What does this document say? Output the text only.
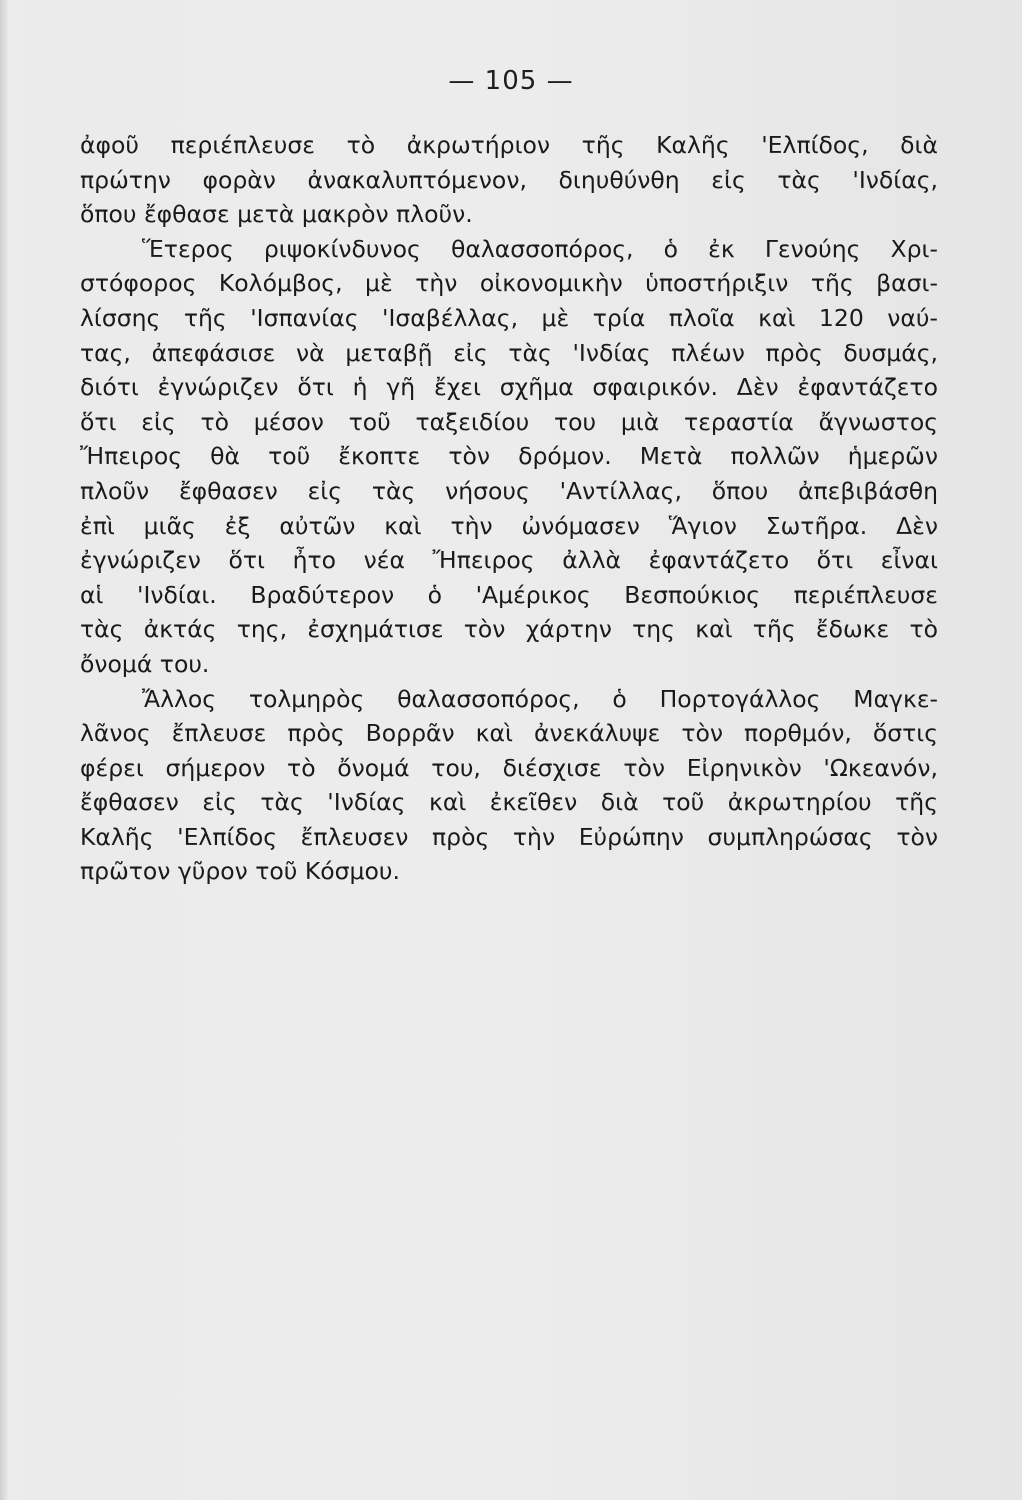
— 105 —
ἀφοῦ περιέπλευσε τὸ ἀκρωτήριον τῆς Καλῆς 'Ελπίδος, διὰ
πρώτην φορὰν ἀνακαλυπτόμενον, διηυθύνθη εἰς τὰς 'Ινδίας,
ὅπου ἔφθασε μετὰ μακρὸν πλοῦν.
Ἕτερος ριψοκίνδυνος θαλασσοπόρος, ὁ ἐκ Γενούης Χρι-
στόφορος Κολόμβος, μὲ τὴν οἰκονομικὴν ὑποστήριξιν τῆς βασι-
λίσσης τῆς 'Ισπανίας 'Ισαβέλλας, μὲ τρία πλοῖα καὶ 120 ναύ-
τας, ἀπεφάσισε νὰ μεταβῇ εἰς τὰς 'Ινδίας πλέων πρὸς δυσμάς,
διότι ἐγνώριζεν ὅτι ἡ γῆ ἔχει σχῆμα σφαιρικόν. Δὲν ἐφαντάζετο
ὅτι εἰς τὸ μέσον τοῦ ταξειδίου του μιὰ τεραστία ἄγνωστος
Ἤπειρος θὰ τοῦ ἔκοπτε τὸν δρόμον. Μετὰ πολλῶν ἡμερῶν
πλοῦν ἔφθασεν εἰς τὰς νήσους 'Αντίλλας, ὅπου ἀπεβιβάσθη
ἐπὶ μιᾶς ἐξ αὐτῶν καὶ τὴν ὠνόμασεν Ἅγιον Σωτῆρα. Δὲν
ἐγνώριζεν ὅτι ἦτο νέα Ἤπειρος ἀλλὰ ἐφαντάζετο ὅτι εἶναι
αἱ 'Ινδίαι. Βραδύτερον ὁ 'Αμέρικος Βεσπούκιος περιέπλευσε
τὰς ἀκτάς της, ἐσχημάτισε τὸν χάρτην της καὶ τῆς ἔδωκε τὸ
ὄνομά του.
Ἄλλος τολμηρὸς θαλασσοπόρος, ὁ Πορτογάλλος Μαγκε-
λᾶνος ἔπλευσε πρὸς Βορρᾶν καὶ ἀνεκάλυψε τὸν πορθμόν, ὅστις
φέρει σήμερον τὸ ὄνομά του, διέσχισε τὸν Εἰρηνικὸν 'Ωκεανόν,
ἔφθασεν εἰς τὰς 'Ινδίας καὶ ἐκεῖθεν διὰ τοῦ ἀκρωτηρίου τῆς
Καλῆς 'Ελπίδος ἔπλευσεν πρὸς τὴν Εὐρώπην συμπληρώσας τὸν
πρῶτον γῦρον τοῦ Κόσμου.
